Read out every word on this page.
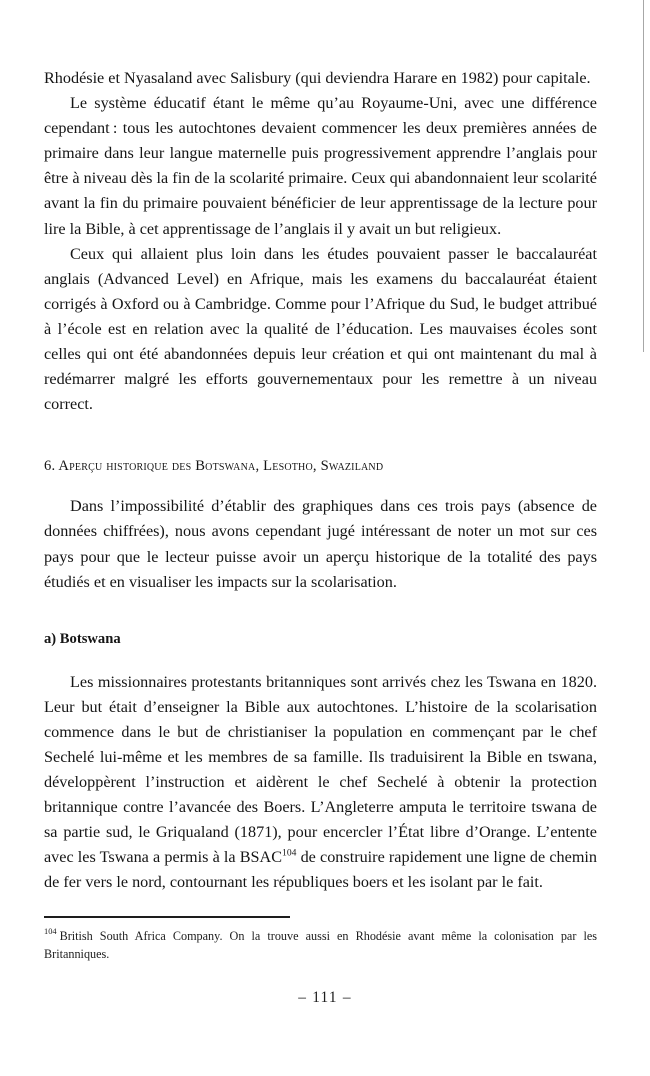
Rhodésie et Nyasaland avec Salisbury (qui deviendra Harare en 1982) pour capitale.

Le système éducatif étant le même qu’au Royaume-Uni, avec une différence cependant : tous les autochtones devaient commencer les deux premières années de primaire dans leur langue maternelle puis progressivement apprendre l’anglais pour être à niveau dès la fin de la scolarité primaire. Ceux qui abandonnaient leur scolarité avant la fin du primaire pouvaient bénéficier de leur apprentissage de la lecture pour lire la Bible, à cet apprentissage de l’anglais il y avait un but religieux.

Ceux qui allaient plus loin dans les études pouvaient passer le baccalauréat anglais (Advanced Level) en Afrique, mais les examens du baccalauréat étaient corrigés à Oxford ou à Cambridge. Comme pour l’Afrique du Sud, le budget attribué à l’école est en relation avec la qualité de l’éducation. Les mauvaises écoles sont celles qui ont été abandonnées depuis leur création et qui ont maintenant du mal à redémarrer malgré les efforts gouvernementaux pour les remettre à un niveau correct.

6. Aperçu historique des Botswana, Lesotho, Swaziland

Dans l’impossibilité d’établir des graphiques dans ces trois pays (absence de données chiffrées), nous avons cependant jugé intéressant de noter un mot sur ces pays pour que le lecteur puisse avoir un aperçu historique de la totalité des pays étudiés et en visualiser les impacts sur la scolarisation.

a) Botswana

Les missionnaires protestants britanniques sont arrivés chez les Tswana en 1820. Leur but était d’enseigner la Bible aux autochtones. L’histoire de la scolarisation commence dans le but de christianiser la population en commençant par le chef Sechelé lui-même et les membres de sa famille. Ils traduisirent la Bible en tswana, développèrent l’instruction et aidèrent le chef Sechelé à obtenir la protection britannique contre l’avancée des Boers. L’Angleterre amputa le territoire tswana de sa partie sud, le Griqualand (1871), pour encercler l’État libre d’Orange. L’entente avec les Tswana a permis à la BSAC$^{104}$ de construire rapidement une ligne de chemin de fer vers le nord, contournant les républiques boers et les isolant par le fait.

$^{104}$ British South Africa Company. On la trouve aussi en Rhodésie avant même la colonisation par les Britanniques.

– 111 –
